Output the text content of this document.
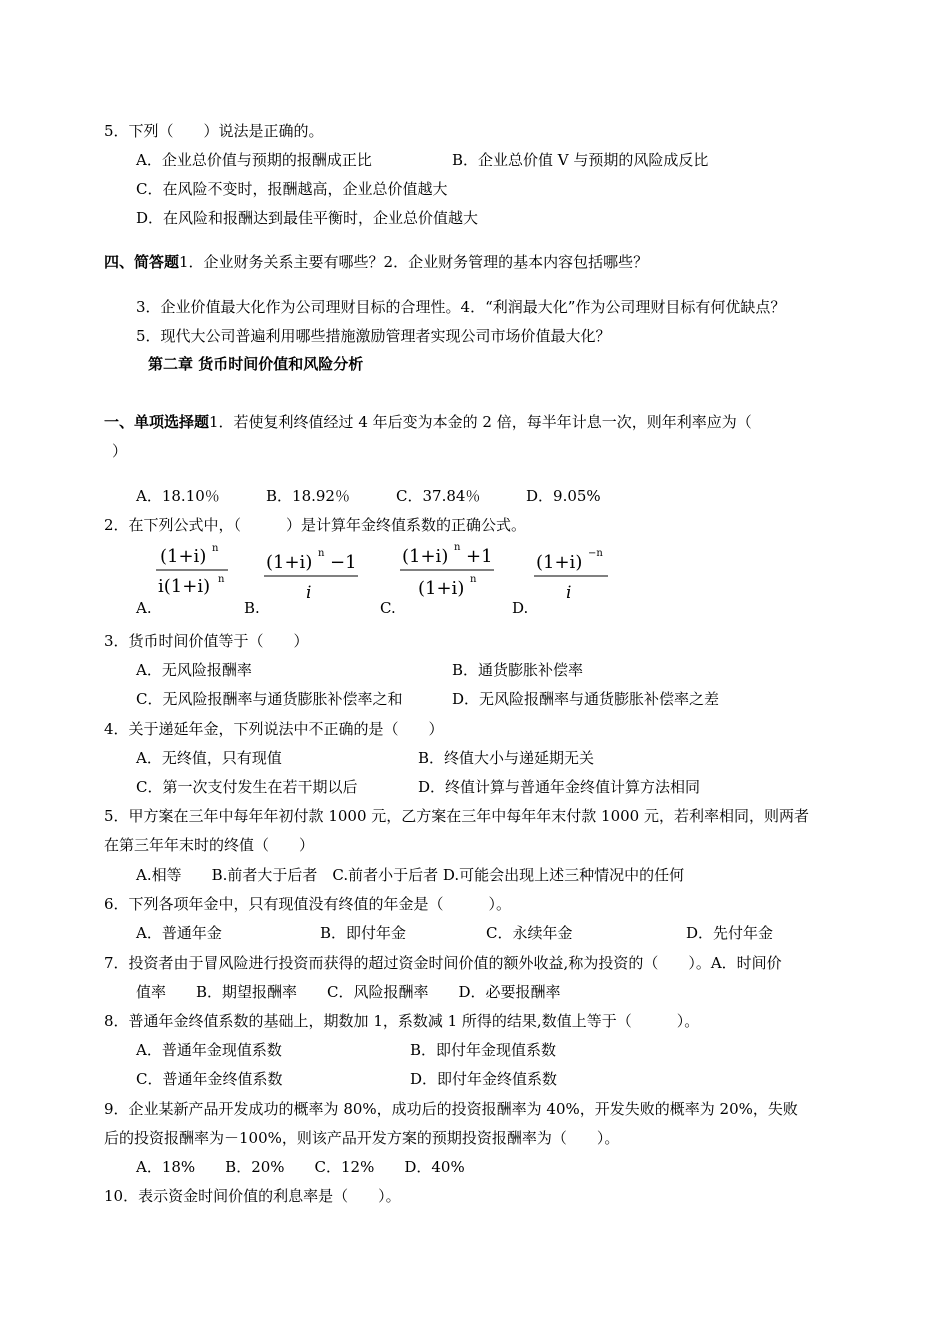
5．下列（　　）说法是正确的。
A．企业总价值与预期的报酬成正比	B．企业总价值 V 与预期的风险成反比
C．在风险不变时，报酬越高，企业总价值越大
D．在风险和报酬达到最佳平衡时，企业总价值越大
四、简答题1．企业财务关系主要有哪些？2．企业财务管理的基本内容包括哪些？
3．企业价值最大化作为公司理财目标的合理性。4．“利润最大化”作为公司理财目标有何优缺点？
5．现代大公司普遍利用哪些措施激励管理者实现公司市场价值最大化？
第二章 货币时间价值和风险分析
一、单项选择题1．若使复利终值经过 4 年后变为本金的 2 倍，每半年计息一次，则年利率应为（
）
A．18.10％	B．18.92％	C．37.84％	D．9.05%
2．在下列公式中，（　　　）是计算年金终值系数的正确公式。
(1+i) n
i(1+i) n
A.
(1+i) n −1
i
B.
(1+i) n +1
(1+i) n
C.
(1+i) −n
i
D.
3．货币时间价值等于（　　）
A．无风险报酬率	B．通货膨胀补偿率
C．无风险报酬率与通货膨胀补偿率之和	D．无风险报酬率与通货膨胀补偿率之差
4．关于递延年金，下列说法中不正确的是（　　）
A．无终值，只有现值	B．终值大小与递延期无关
C．第一次支付发生在若干期以后	D．终值计算与普通年金终值计算方法相同
5．甲方案在三年中每年年初付款 1000 元，乙方案在三年中每年年末付款 1000 元，若利率相同，则两者
在第三年年末时的终值（　　）
A.相等　　B.前者大于后者　C.前者小于后者 D.可能会出现上述三种情况中的任何
6．下列各项年金中，只有现值没有终值的年金是（　　　）。
A．普通年金	B．即付年金	C．永续年金	D．先付年金
7．投资者由于冒风险进行投资而获得的超过资金时间价值的额外收益,称为投资的（　　）。A．时间价
值率　　B．期望报酬率　　C．风险报酬率　　D．必要报酬率
8．普通年金终值系数的基础上，期数加 1，系数减 1 所得的结果,数值上等于（　　　）。
A．普通年金现值系数	B．即付年金现值系数
C．普通年金终值系数	D．即付年金终值系数
9．企业某新产品开发成功的概率为 80%，成功后的投资报酬率为 40%，开发失败的概率为 20%，失败
后的投资报酬率为－100%，则该产品开发方案的预期投资报酬率为（　　）。
A．18%　　B．20%　　C．12%　　D．40%
10．表示资金时间价值的利息率是（　　）。
